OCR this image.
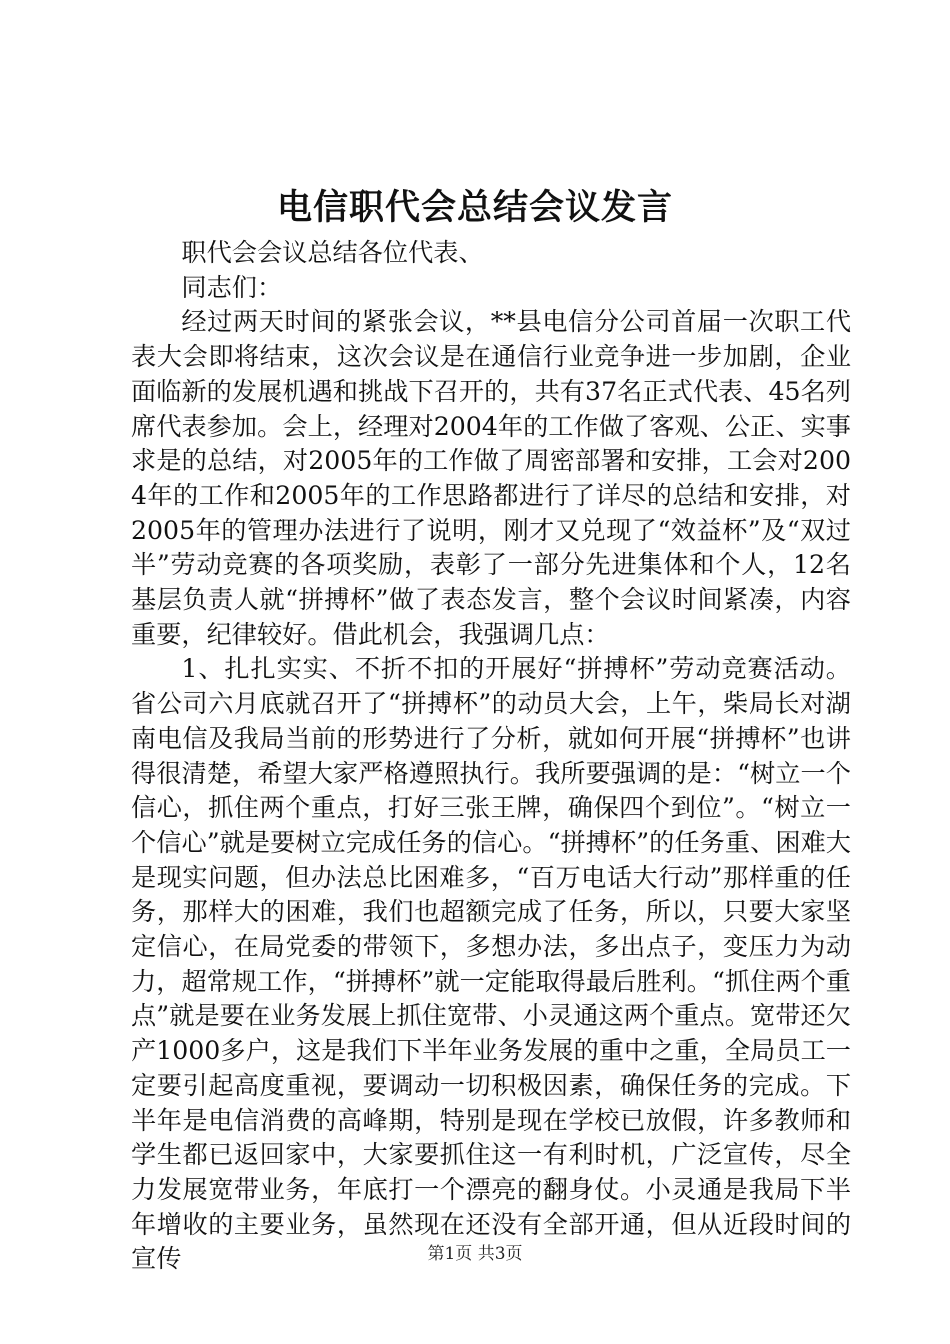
电信职代会总结会议发言

职代会会议总结各位代表、

同志们：

经过两天时间的紧张会议，**县电信分公司首届一次职工代表大会即将结束，这次会议是在通信行业竞争进一步加剧，企业面临新的发展机遇和挑战下召开的，共有37名正式代表、45名列席代表参加。会上，经理对2004年的工作做了客观、公正、实事求是的总结，对2005年的工作做了周密部署和安排，工会对2004年的工作和2005年的工作思路都进行了详尽的总结和安排，对2005年的管理办法进行了说明，刚才又兑现了“效益杯”及“双过半”劳动竞赛的各项奖励，表彰了一部分先进集体和个人，12名基层负责人就“拼搏杯”做了表态发言，整个会议时间紧凑，内容重要，纪律较好。借此机会，我强调几点：

1、扎扎实实、不折不扣的开展好“拼搏杯”劳动竞赛活动。省公司六月底就召开了“拼搏杯”的动员大会，上午，柴局长对湖南电信及我局当前的形势进行了分析，就如何开展“拼搏杯”也讲得很清楚，希望大家严格遵照执行。我所要强调的是：“树立一个信心，抓住两个重点，打好三张王牌，确保四个到位”。“树立一个信心”就是要树立完成任务的信心。“拼搏杯”的任务重、困难大是现实问题，但办法总比困难多，“百万电话大行动”那样重的任务，那样大的困难，我们也超额完成了任务，所以，只要大家坚定信心，在局党委的带领下，多想办法，多出点子，变压力为动力，超常规工作，“拼搏杯”就一定能取得最后胜利。“抓住两个重点”就是要在业务发展上抓住宽带、小灵通这两个重点。宽带还欠产1000多户，这是我们下半年业务发展的重中之重，全局员工一定要引起高度重视，要调动一切积极因素，确保任务的完成。下半年是电信消费的高峰期，特别是现在学校已放假，许多教师和学生都已返回家中，大家要抓住这一有利时机，广泛宣传，尽全力发展宽带业务，年底打一个漂亮的翻身仗。小灵通是我局下半年增收的主要业务，虽然现在还没有全部开通，但从近段时间的宣传	第1页 共3页
